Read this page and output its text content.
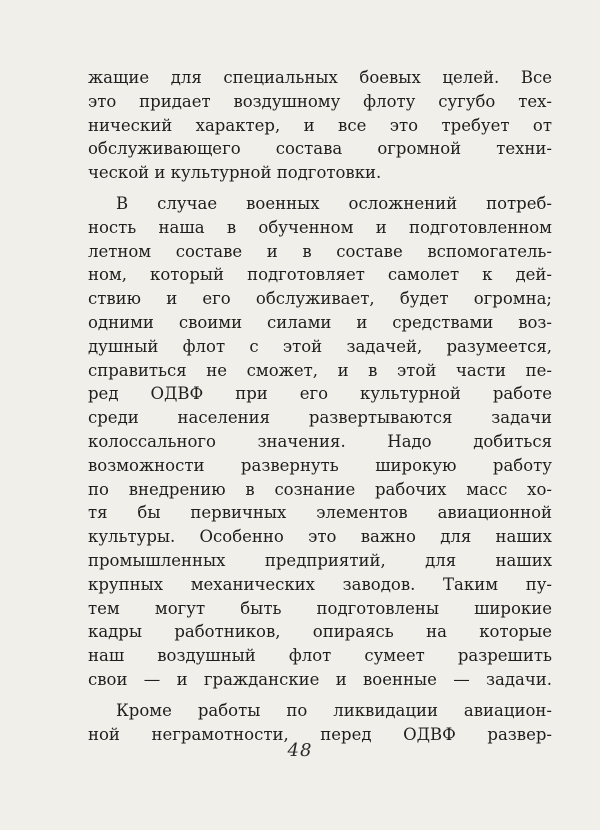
жащие для специальных боевых целей. Все
это придает воздушному флоту сугубо тех-
нический характер, и все это требует от
обслуживающего состава огромной техни-
ческой и культурной подготовки.
В случае военных осложнений потреб-
ность наша в обученном и подготовленном
летном составе и в составе вспомогатель-
ном, который подготовляет самолет к дей-
ствию и его обслуживает, будет огромна;
одними своими силами и средствами воз-
душный флот с этой задачей, разумеется,
справиться не сможет, и в этой части пе-
ред ОДВФ при его культурной работе
среди населения развертываются задачи
колоссального значения. Надо добиться
возможности развернуть широкую работу
по внедрению в сознание рабочих масс хо-
тя бы первичных элементов авиационной
культуры. Особенно это важно для наших
промышленных предприятий, для наших
крупных механических заводов. Таким пу-
тем могут быть подготовлены широкие
кадры работников, опираясь на которые
наш воздушный флот сумеет разрешить
свои — и гражданские и военные — задачи.
Кроме работы по ликвидации авиацион-
ной неграмотности, перед ОДВФ развер-
48
